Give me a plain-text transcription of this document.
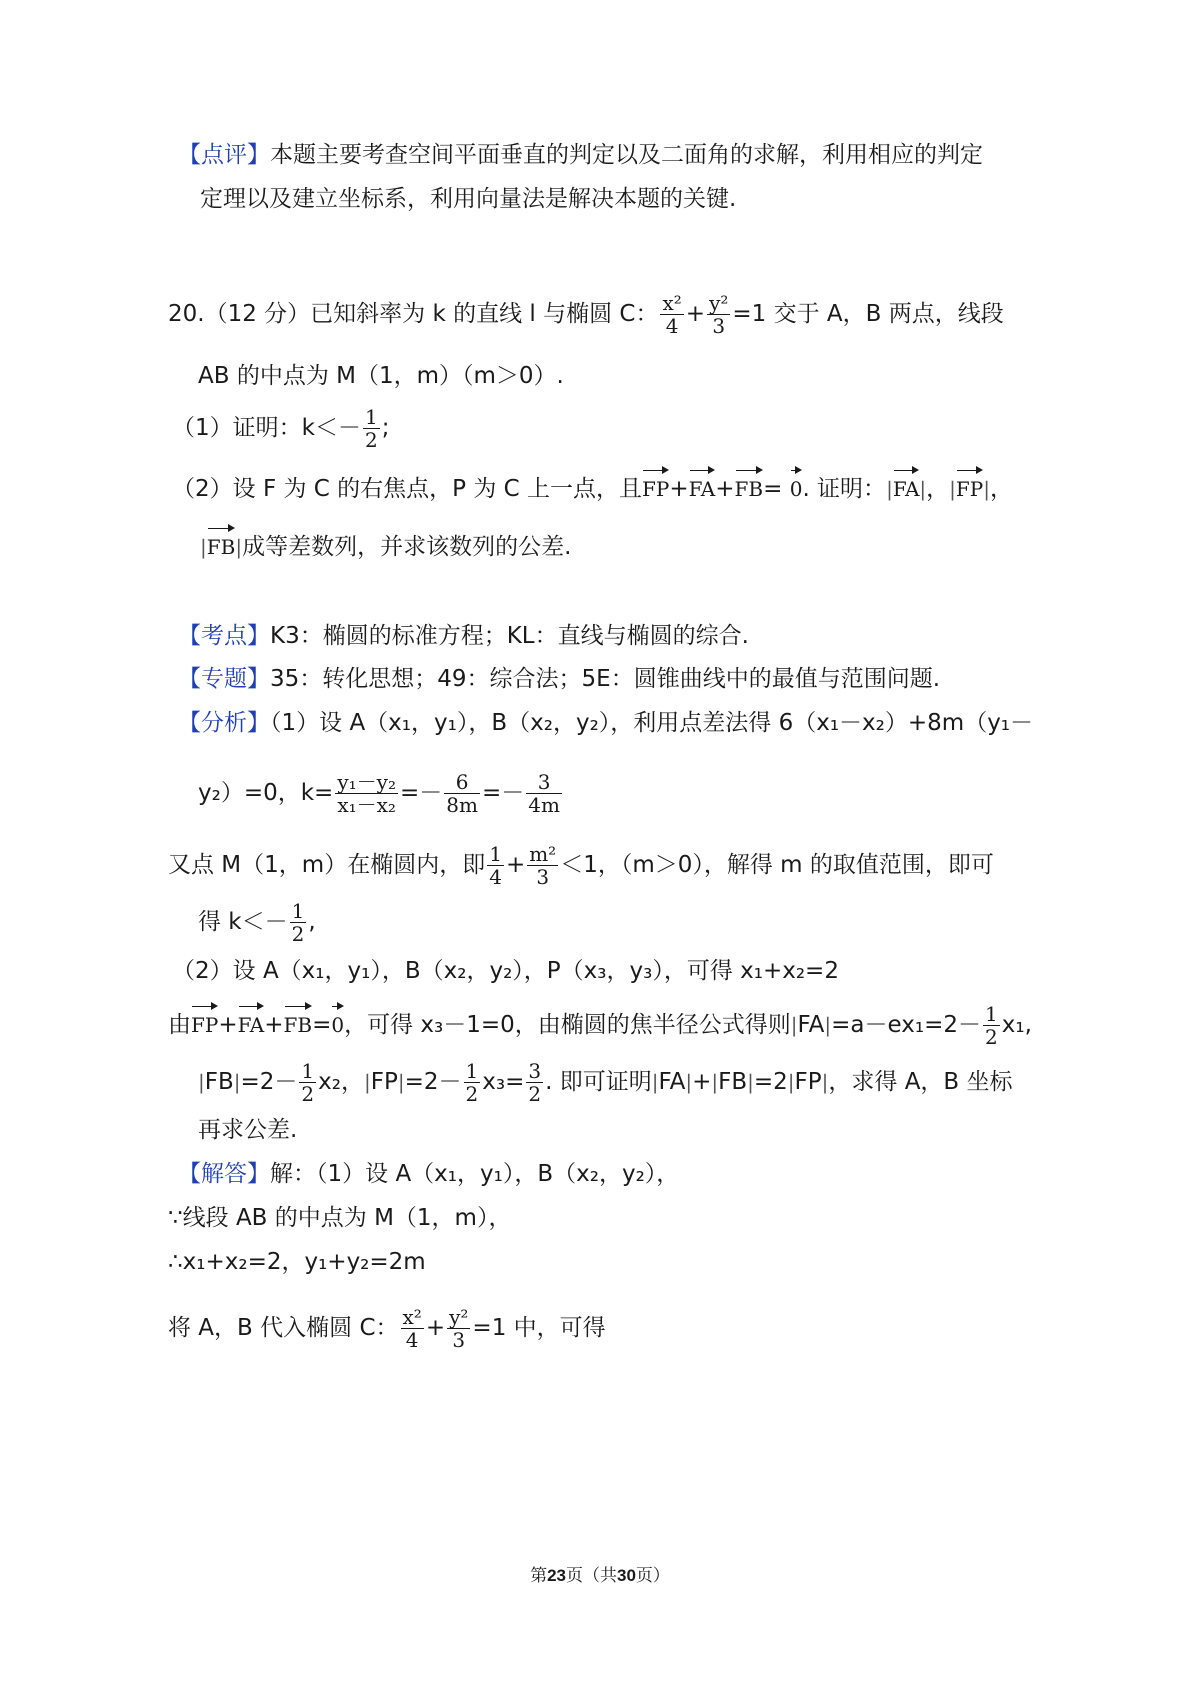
【点评】本题主要考查空间平面垂直的判定以及二面角的求解，利用相应的判定
定理以及建立坐标系，利用向量法是解决本题的关键.
20.（12 分）已知斜率为 k 的直线 l 与椭圆 C： $\frac{\text{x²}}{4} + \frac{\text{y²}}{3} =1$ 交于 A，B 两点，线段
AB 的中点为 M（1，m）（m＞0）.
（1）证明：$k<- \frac{1}{2}$ ;
（2）设 F 为 C 的右焦点，P 为 C 上一点，且FP+FA+FB= 0. 证明：|FA|，|FP|，
|FB|成等差数列，并求该数列的公差.
【考点】K3：椭圆的标准方程；KL：直线与椭圆的综合.
【专题】35：转化思想；49：综合法；5E：圆锥曲线中的最值与范围问题.
【分析】（1）设 A（x₁，y₁），B（x₂，y₂），利用点差法得 6（x₁－x₂）+8m（y₁－
y₂）=0，$k= \frac{\text{y₁－y₂}}{\text{x₁－x₂}} =- \frac{6}{8m} =- \frac{3}{4m}$
又点 M（1，m）在椭圆内，即 $\frac{1}{4} + \frac{\text{m²}}{3} <1$，（m＞0），解得 m 的取值范围，即可
得 $k<- \frac{1}{2}$ ,
（2）设 A（x₁，y₁），B（x₂，y₂），P（x₃，y₃），可得 x₁+x₂=2
由FP+FA+FB=0，可得 x₃－1=0，由椭圆的焦半径公式得则$|FA|=a-ex_1=2- \frac{1}{2} x_1$,
$|FB|=2- \frac{1}{2} x_2$，$|FP|=2- \frac{1}{2} x_3= \frac{3}{2}$ . 即可证明|FA|+|FB|=2|FP|，求得 A，B 坐标
再求公差.
【解答】解：（1）设 A（x₁，y₁），B（x₂，y₂），
∵线段 AB 的中点为 M（1，m），
∴x₁+x₂=2，y₁+y₂=2m
将 A，B 代入椭圆 C： $\frac{\text{x²}}{4} + \frac{\text{y²}}{3} =1$ 中，可得
第23页（共30页）
